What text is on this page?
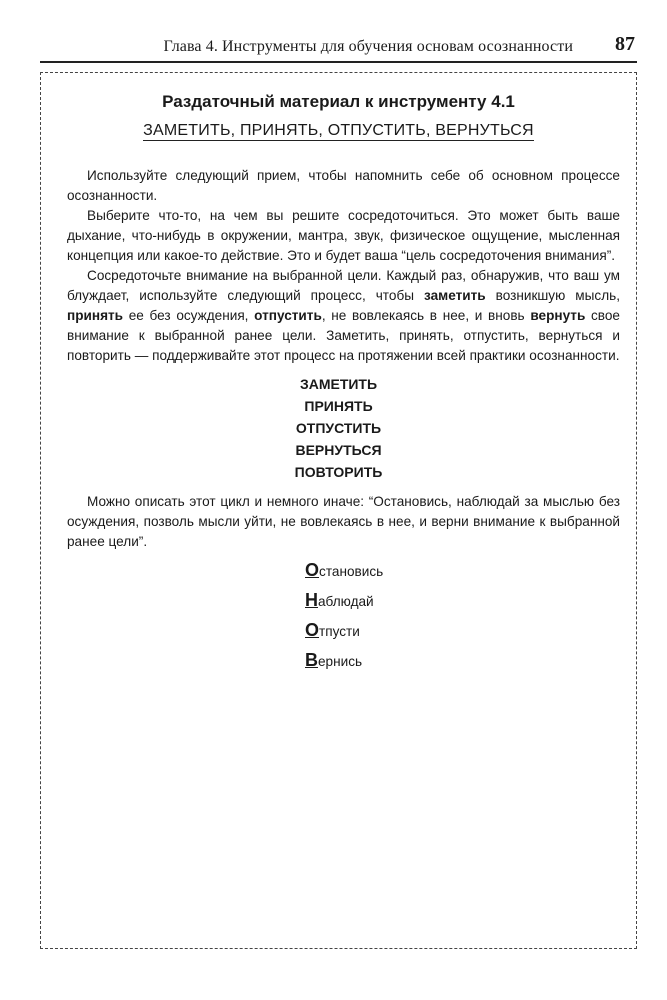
Глава 4. Инструменты для обучения основам осознанности 87
Раздаточный материал к инструменту 4.1
ЗАМЕТИТЬ, ПРИНЯТЬ, ОТПУСТИТЬ, ВЕРНУТЬСЯ

Используйте следующий прием, чтобы напомнить себе об основном процессе осознанности.

Выберите что-то, на чем вы решите сосредоточиться. Это может быть ваше дыхание, что-нибудь в окружении, мантра, звук, физическое ощущение, мысленная концепция или какое-то действие. Это и будет ваша “цель сосредоточения внимания”.

Сосредоточьте внимание на выбранной цели. Каждый раз, обнаружив, что ваш ум блуждает, используйте следующий процесс, чтобы заметить возникшую мысль, принять ее без осуждения, отпустить, не вовлекаясь в нее, и вновь вернуть свое внимание к выбранной ранее цели. Заметить, принять, отпустить, вернуться и повторить — поддерживайте этот процесс на протяжении всей практики осознанности.

ЗАМЕТИТЬ
ПРИНЯТЬ
ОТПУСТИТЬ
ВЕРНУТЬСЯ
ПОВТОРИТЬ

Можно описать этот цикл и немного иначе: “Остановись, наблюдай за мыслью без осуждения, позволь мысли уйти, не вовлекаясь в нее, и верни внимание к выбранной ранее цели”.

Остановись
Наблюдай
Отпусти
Вернись
